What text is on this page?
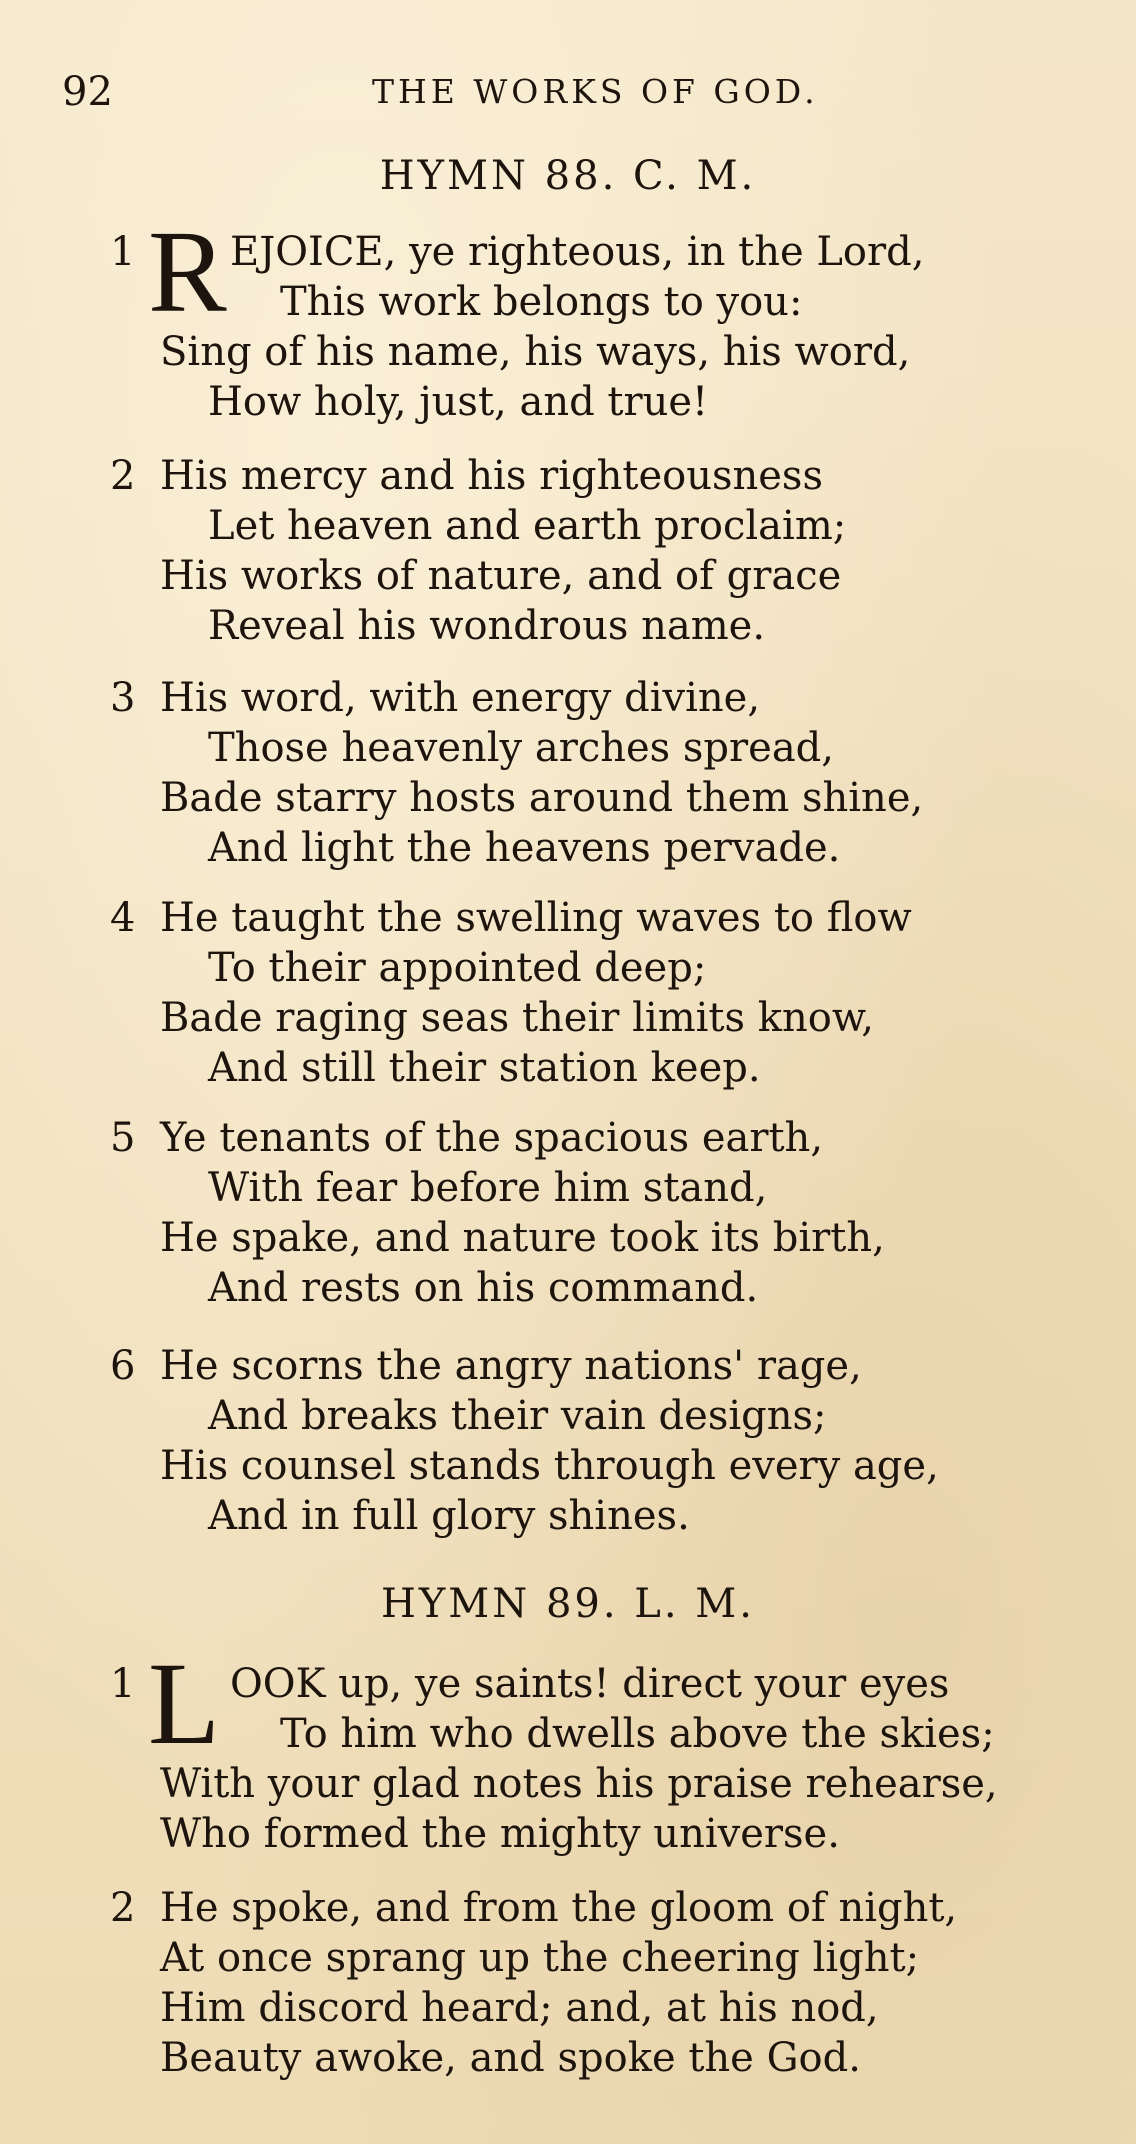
92	THE WORKS OF GOD.
HYMN 88. C. M.
1 R EJOICE, ye righteous, in the Lord,
This work belongs to you:
Sing of his name, his ways, his word,
How holy, just, and true!
2 His mercy and his righteousness
Let heaven and earth proclaim;
His works of nature, and of grace
Reveal his wondrous name.
3 His word, with energy divine,
Those heavenly arches spread,
Bade starry hosts around them shine,
And light the heavens pervade.
4 He taught the swelling waves to flow
To their appointed deep;
Bade raging seas their limits know,
And still their station keep.
5 Ye tenants of the spacious earth,
With fear before him stand,
He spake, and nature took its birth,
And rests on his command.
6 He scorns the angry nations' rage,
And breaks their vain designs;
His counsel stands through every age,
And in full glory shines.
HYMN 89. L. M.
1 L OOK up, ye saints! direct your eyes
To him who dwells above the skies;
With your glad notes his praise rehearse,
Who formed the mighty universe.
2 He spoke, and from the gloom of night,
At once sprang up the cheering light;
Him discord heard; and, at his nod,
Beauty awoke, and spoke the God.
